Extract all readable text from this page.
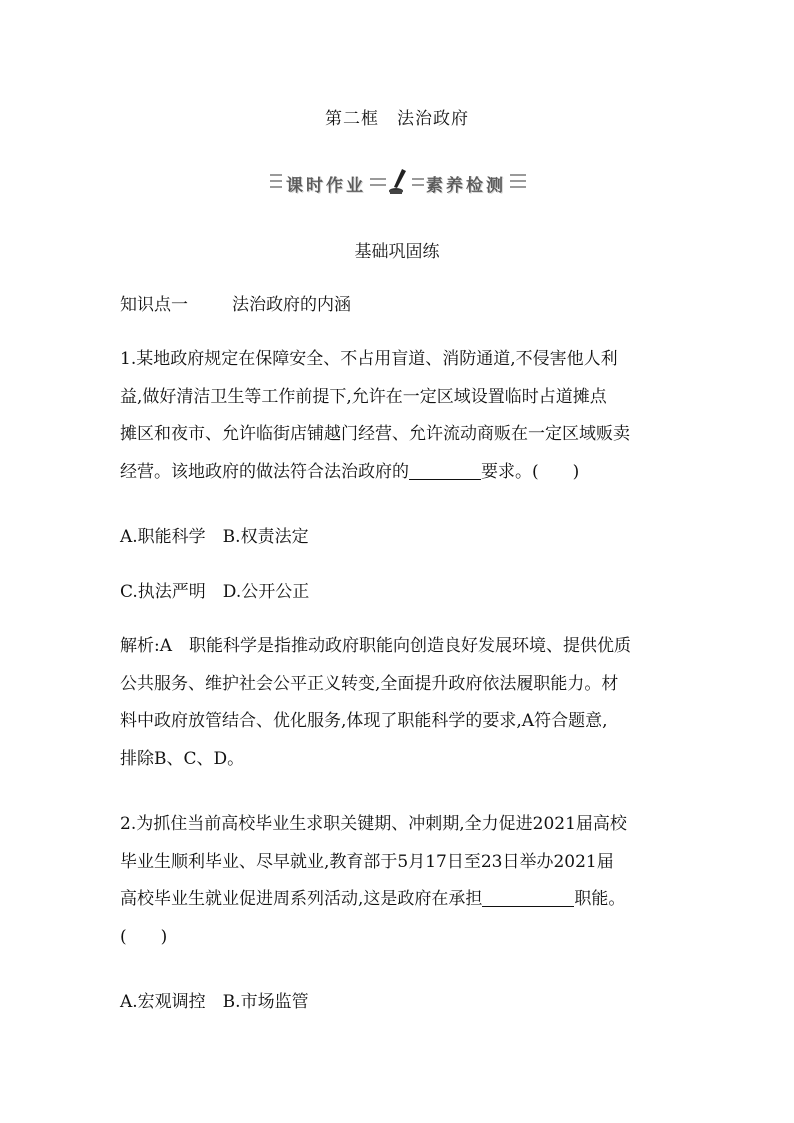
第二框　法治政府
课时作业	素养检测
基础巩固练
知识点一	法治政府的内涵
1.某地政府规定在保障安全、不占用盲道、消防通道,不侵害他人利
益,做好清洁卫生等工作前提下,允许在一定区域设置临时占道摊点
摊区和夜市、允许临街店铺越门经营、允许流动商贩在一定区域贩卖
经营。该地政府的做法符合法治政府的	要求。(　　)
A.职能科学　B.权责法定
C.执法严明　D.公开公正
解析:A　职能科学是指推动政府职能向创造良好发展环境、提供优质
公共服务、维护社会公平正义转变,全面提升政府依法履职能力。材
料中政府放管结合、优化服务,体现了职能科学的要求,A符合题意,
排除B、C、D。
2.为抓住当前高校毕业生求职关键期、冲刺期,全力促进2021届高校
毕业生顺利毕业、尽早就业,教育部于5月17日至23日举办2021届
高校毕业生就业促进周系列活动,这是政府在承担	职能。
(　　)
A.宏观调控　B.市场监管
